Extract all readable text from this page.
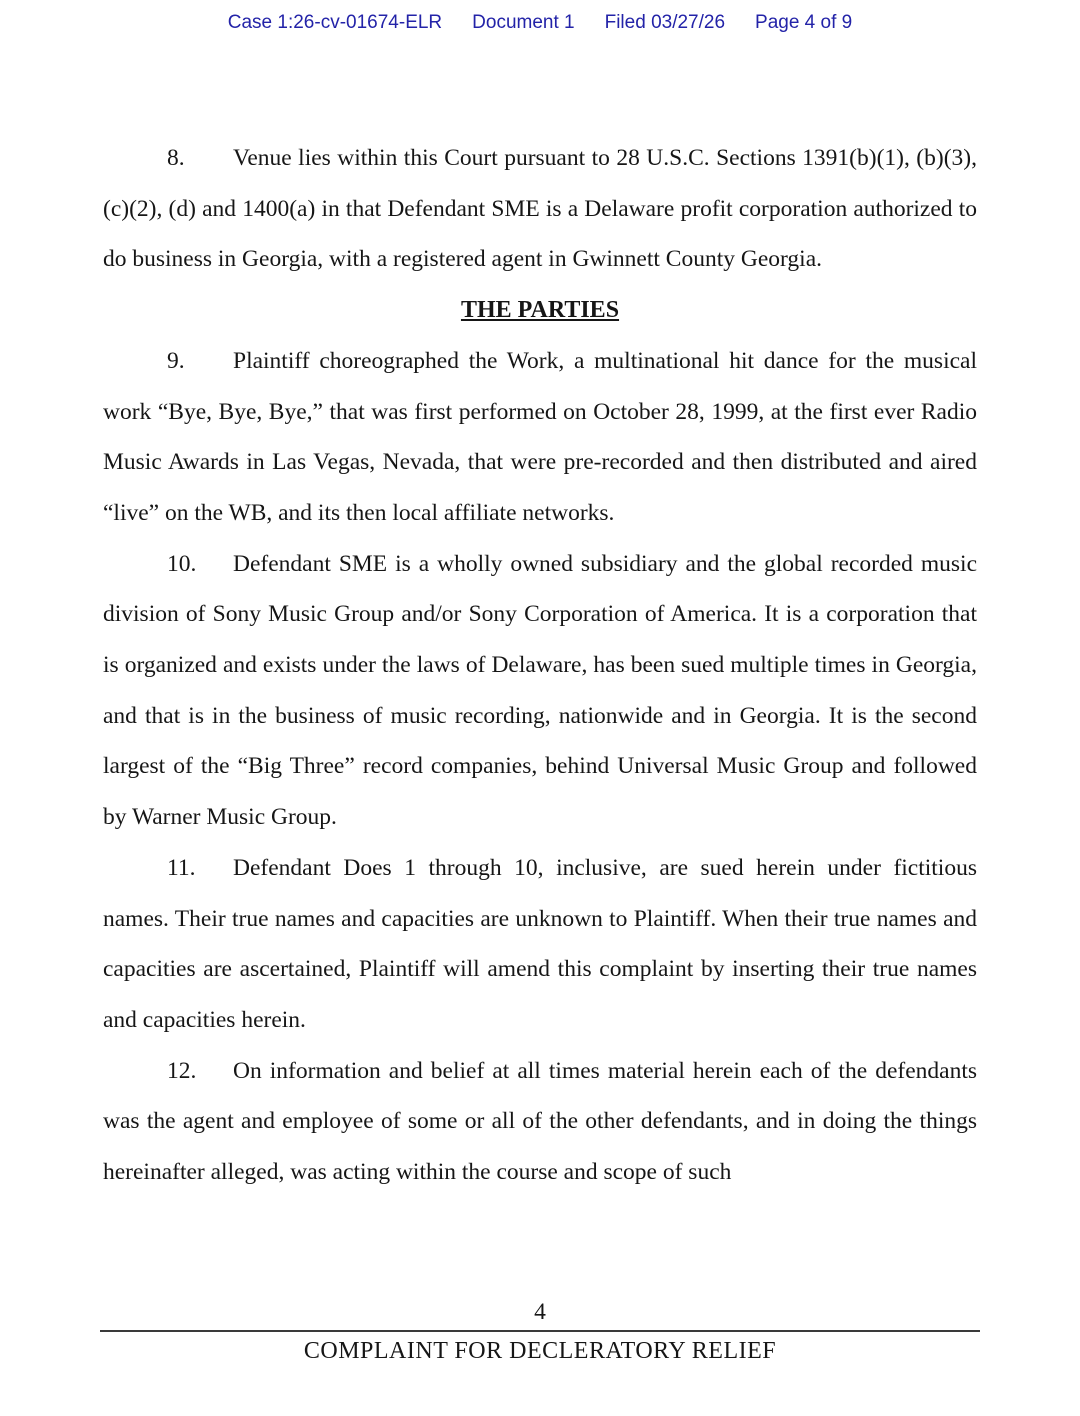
Case 1:26-cv-01674-ELR Document 1 Filed 03/27/26 Page 4 of 9

8. Venue lies within this Court pursuant to 28 U.S.C. Sections 1391(b)(1), (b)(3), (c)(2), (d) and 1400(a) in that Defendant SME is a Delaware profit corporation authorized to do business in Georgia, with a registered agent in Gwinnett County Georgia.

THE PARTIES

9. Plaintiff choreographed the Work, a multinational hit dance for the musical work “Bye, Bye, Bye,” that was first performed on October 28, 1999, at the first ever Radio Music Awards in Las Vegas, Nevada, that were pre-recorded and then distributed and aired “live” on the WB, and its then local affiliate networks.

10. Defendant SME is a wholly owned subsidiary and the global recorded music division of Sony Music Group and/or Sony Corporation of America. It is a corporation that is organized and exists under the laws of Delaware, has been sued multiple times in Georgia, and that is in the business of music recording, nationwide and in Georgia. It is the second largest of the “Big Three” record companies, behind Universal Music Group and followed by Warner Music Group.

11. Defendant Does 1 through 10, inclusive, are sued herein under fictitious names. Their true names and capacities are unknown to Plaintiff. When their true names and capacities are ascertained, Plaintiff will amend this complaint by inserting their true names and capacities herein.

12. On information and belief at all times material herein each of the defendants was the agent and employee of some or all of the other defendants, and in doing the things hereinafter alleged, was acting within the course and scope of such

4

COMPLAINT FOR DECLERATORY RELIEF
